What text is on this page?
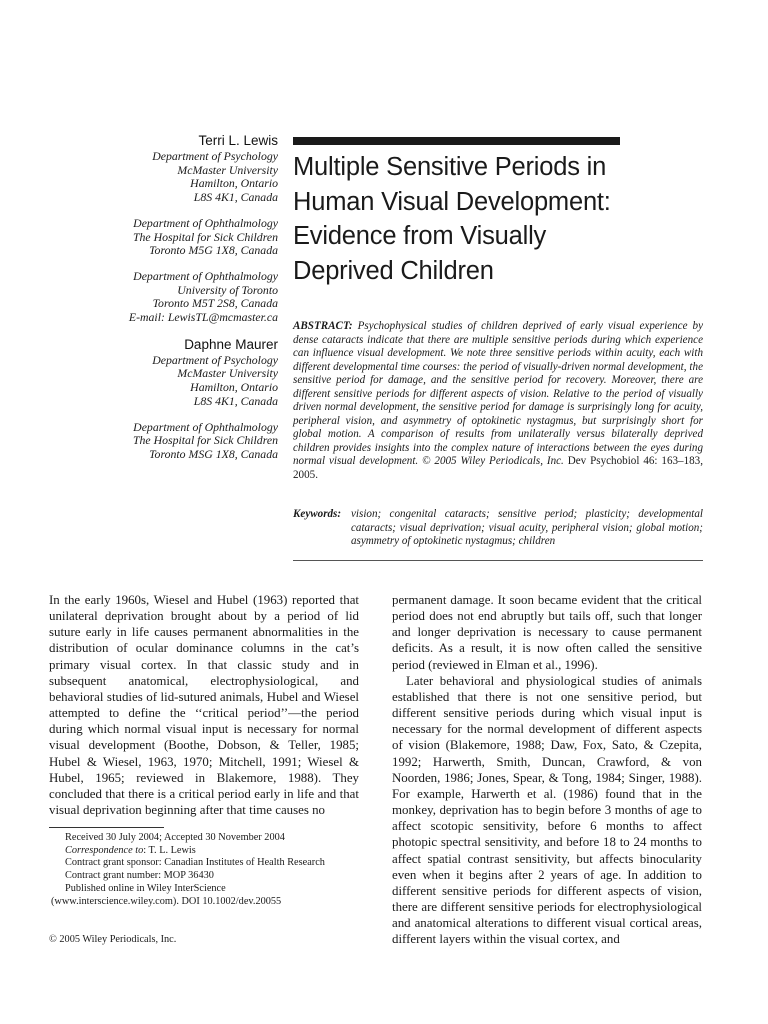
Terri L. Lewis
Department of Psychology
McMaster University
Hamilton, Ontario
L8S 4K1, Canada
Department of Ophthalmology
The Hospital for Sick Children
Toronto M5G 1X8, Canada
Department of Ophthalmology
University of Toronto
Toronto M5T 2S8, Canada
E-mail: LewisTL@mcmaster.ca
Daphne Maurer
Department of Psychology
McMaster University
Hamilton, Ontario
L8S 4K1, Canada
Department of Ophthalmology
The Hospital for Sick Children
Toronto MSG 1X8, Canada
Multiple Sensitive Periods in
Human Visual Development:
Evidence from Visually
Deprived Children
ABSTRACT: Psychophysical studies of children deprived of early visual experience by dense cataracts indicate that there are multiple sensitive periods during which experience can influence visual development. We note three sensitive periods within acuity, each with different developmental time courses: the period of visually-driven normal development, the sensitive period for damage, and the sensitive period for recovery. Moreover, there are different sensitive periods for different aspects of vision. Relative to the period of visually driven normal development, the sensitive period for damage is surprisingly long for acuity, peripheral vision, and asymmetry of optokinetic nystagmus, but surprisingly short for global motion. A comparison of results from unilaterally versus bilaterally deprived children provides insights into the complex nature of interactions between the eyes during normal visual development. © 2005 Wiley Periodicals, Inc. Dev Psychobiol 46: 163–183, 2005.
Keywords: vision; congenital cataracts; sensitive period; plasticity; developmental cataracts; visual deprivation; visual acuity, peripheral vision; global motion; asymmetry of optokinetic nystagmus; children

In the early 1960s, Wiesel and Hubel (1963) reported that unilateral deprivation brought about by a period of lid suture early in life causes permanent abnormalities in the distribution of ocular dominance columns in the cat’s primary visual cortex. In that classic study and in subsequent anatomical, electrophysiological, and behavioral studies of lid-sutured animals, Hubel and Wiesel attempted to define the ‘‘critical period’’—the period during which normal visual input is necessary for normal visual development (Boothe, Dobson, & Teller, 1985; Hubel & Wiesel, 1963, 1970; Mitchell, 1991; Wiesel & Hubel, 1965; reviewed in Blakemore, 1988). They concluded that there is a critical period early in life and that visual deprivation beginning after that time causes no

permanent damage. It soon became evident that the critical period does not end abruptly but tails off, such that longer and longer deprivation is necessary to cause permanent deficits. As a result, it is now often called the sensitive period (reviewed in Elman et al., 1996).

Later behavioral and physiological studies of animals established that there is not one sensitive period, but different sensitive periods during which visual input is necessary for the normal development of different aspects of vision (Blakemore, 1988; Daw, Fox, Sato, & Czepita, 1992; Harwerth, Smith, Duncan, Crawford, & von Noorden, 1986; Jones, Spear, & Tong, 1984; Singer, 1988). For example, Harwerth et al. (1986) found that in the monkey, deprivation has to begin before 3 months of age to affect scotopic sensitivity, before 6 months to affect photopic spectral sensitivity, and before 18 to 24 months to affect spatial contrast sensitivity, but affects binocularity even when it begins after 2 years of age. In addition to different sensitive periods for different aspects of vision, there are different sensitive periods for electrophysiological and anatomical alterations to different visual cortical areas, different layers within the visual cortex, and

Received 30 July 2004; Accepted 30 November 2004
Correspondence to: T. L. Lewis
Contract grant sponsor: Canadian Institutes of Health Research
Contract grant number: MOP 36430
Published online in Wiley InterScience
(www.interscience.wiley.com). DOI 10.1002/dev.20055
© 2005 Wiley Periodicals, Inc.
